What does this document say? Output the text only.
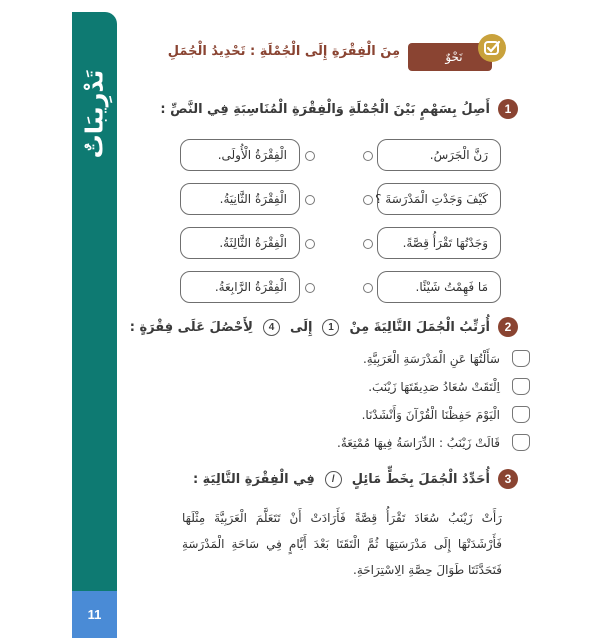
تَدْرِيبَاتٌ
11
نَحْوٌ
مِنَ الْفِقْرَةِ إِلَى الْجُمْلَةِ : تَحْدِيدُ الْجُمَلِ
1
أَصِلُ بِسَهْمٍ بَيْنَ الْجُمْلَةِ وَالْفِقْرَةِ الْمُنَاسِبَةِ فِي النَّصِّ :
رَنَّ الْجَرَسُ.
كَيْفَ وَجَدْتِ الْمَدْرَسَةَ ؟
وَجَدْتُهَا تَقْرَأُ قِصَّةً.
مَا فَهِمْتُ شَيْئًا.
الْفِقْرَةُ الْأُولَى.
الْفِقْرَةُ الثَّانِيَةُ.
الْفِقْرَةُ الثَّالِثَةُ.
الْفِقْرَةُ الرَّابِعَةُ.
2
أُرَتِّبُ الْجُمَلَ التَّالِيَةَ مِنْ
1
إِلَى
4
لِأَحْصُلَ عَلَى فِقْرَةٍ :
سَأَلْتُهَا عَنِ الْمَدْرَسَةِ الْعَرَبِيَّةِ.
اِلْتَقَتْ سُعَادُ صَدِيقَتَهَا زَيْنَبَ.
الْيَوْمَ حَفِظْنَا الْقُرْآنَ وَأَنْشَدْنَا.
قَالَتْ زَيْنَبُ : الدِّرَاسَةُ فِيهَا مُمْتِعَةٌ.
3
أُحَدِّدُ الْجُمَلَ بِخَطٍّ مَائِلٍ
/
فِي الْفِقْرَةِ التَّالِيَةِ :
رَأَتْ زَيْنَبُ سُعَادَ تَقْرَأُ قِصَّةً فَأَرَادَتْ أَنْ تَتَعَلَّمَ الْعَرَبِيَّةَ مِثْلَهَا فَأَرْشَدَتْهَا إِلَى مَدْرَسَتِهَا ثُمَّ الْتَقَتَا بَعْدَ أَيَّامٍ فِي سَاحَةِ الْمَدْرَسَةِ فَتَحَدَّثَتَا طَوَالَ حِصَّةِ الِاسْتِرَاحَةِ.
